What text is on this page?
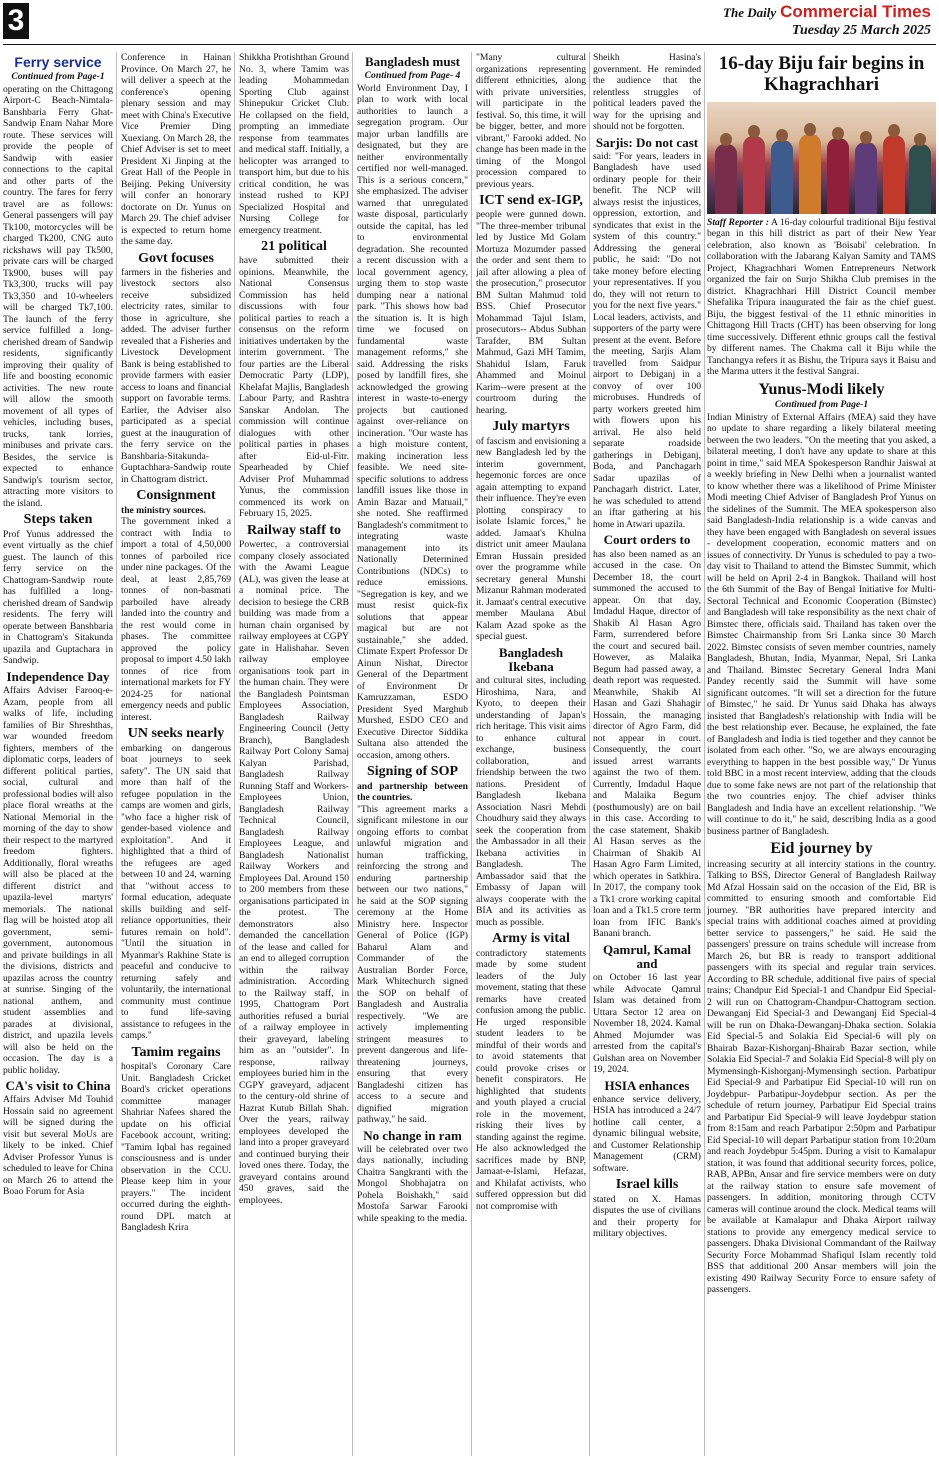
3	The Daily Commercial Times
Tuesday 25 March 2025
Ferry service
Continued from Page-1

operating on the Chittagong Airport-C Beach-Nimtala-Banshbaria Ferry Ghat-Sandwip Enam Nahar More route. These services will provide the people of Sandwip with easier connections to the capital and other parts of the country. The fares for ferry travel are as follows: General passengers will pay Tk100, motorcycles will be charged Tk200, CNG auto rickshaws will pay Tk500, private cars will be charged Tk900, buses will pay Tk3,300, trucks will pay Tk3,350 and 10-wheelers will be charged Tk7,100. The launch of the ferry service fulfilled a long-cherished dream of Sandwip residents, significantly improving their quality of life and boosting economic activities. The new route will allow the smooth movement of all types of vehicles, including buses, trucks, tank lorries, minibuses and private cars. Besides, the service is expected to enhance Sandwip's tourism sector, attracting more visitors to the island.

Steps taken

Prof Yunus addressed the event virtually as the chief guest. The launch of this ferry service on the Chattogram-Sandwip route has fulfilled a long-cherished dream of Sandwip residents. The ferry will operate between Banshbaria in Chattogram's Sitakunda upazila and Guptachara in Sandwip.

Independence Day

Affairs Adviser Farooq-e-Azam, people from all walks of life, including families of Bir Shreshthas, war wounded freedom fighters, members of the diplomatic corps, leaders of different political parties, social, cultural and professional bodies will also place floral wreaths at the National Memorial in the morning of the day to show their respect to the martyred freedom fighters. Additionally, floral wreaths will also be placed at the different district and upazila-level martyrs' memorials. The national flag will be hoisted atop all government, semi-government, autonomous and private buildings in all the divisions, districts and upazilas across the country at sunrise. Singing of the national anthem, and student assemblies and parades at divisional, district, and upazila levels will also be held on the occasion. The day is a public holiday.

CA's visit to China

Affairs Adviser Md Touhid Hossain said no agreement will be signed during the visit but several MoUs are likely to be inked. Chief Adviser Professor Yunus is scheduled to leave for China on March 26 to attend the Boao Forum for Asia

Conference in Hainan Province. On March 27, he will deliver a speech at the conference's opening plenary session and may meet with China's Executive Vice Premier Ding Xuexiang. On March 28, the Chief Adviser is set to meet President Xi Jinping at the Great Hall of the People in Beijing. Peking University will confer an honorary doctorate on Dr. Yunus on March 29. The chief adviser is expected to return home the same day.

Govt focuses

farmers in the fisheries and livestock sectors also receive subsidized electricity rates, similar to those in agriculture, she added. The adviser further revealed that a Fisheries and Livestock Development Bank is being established to provide farmers with easier access to loans and financial support on favorable terms. Earlier, the Adviser also participated as a special guest at the inauguration of the ferry service on the Banshbaria-Sitakunda-Guptachhara-Sandwip route in Chattogram district.

Consignment

the ministry sources.

The government inked a contract with India to import a total of 4,50,000 tonnes of parboiled rice under nine packages. Of the deal, at least 2,85,769 tonnes of non-basmati parboiled have already landed into the country and the rest would come in phases. The committee approved the policy proposal to import 4.50 lakh tonnes of rice from international markets for FY 2024-25 for national emergency needs and public interest.

UN seeks nearly

embarking on dangerous boat journeys to seek safety". The UN said that more than half of the refugee population in the camps are women and girls, "who face a higher risk of gender-based violence and exploitation". And it highlighted that a third of the refugees are aged between 10 and 24, warning that "without access to formal education, adequate skills building and self-reliance opportunities, their futures remain on hold". "Until the situation in Myanmar's Rakhine State is peaceful and conducive to returning safely and voluntarily, the international community must continue to fund life-saving assistance to refugees in the camps."

Tamim regains

hospital's Coronary Care Unit. Bangladesh Cricket Board's cricket operations committee manager Shahriar Nafees shared the update on his official Facebook account, writing: "Tamim Iqbal has regained consciousness and is under observation in the CCU. Please keep him in your prayers." The incident occurred during the eighth-round DPL match at Bangladesh Krira

Shikkha Protishthan Ground No. 3, where Tamim was leading Mohammedan Sporting Club against Shinepukur Cricket Club. He collapsed on the field, prompting an immediate response from teammates and medical staff. Initially, a helicopter was arranged to transport him, but due to his critical condition, he was instead rushed to KPJ Specialized Hospital and Nursing College for emergency treatment.

21 political

have submitted their opinions. Meanwhile, the National Consensus Commission has held discussions with four political parties to reach a consensus on the reform initiatives undertaken by the interim government. The four parties are the Liberal Democratic Party (LDP), Khelafat Majlis, Bangladesh Labour Party, and Rashtra Sanskar Andolan. The commission will continue dialogues with other political parties in phases after Eid-ul-Fitr. Spearheaded by Chief Adviser Prof Muhammad Yunus, the commission commenced its work on February 15, 2025.

Railway staff to

Powertec, a controversial company closely associated with the Awami League (AL), was given the lease at a nominal price. The decision to besiege the CRB building was made from a human chain organised by railway employees at CGPY gate in Halishahar. Seven railway employee organisations took part in the human chain. They were the Bangladesh Pointsman Employees Association, Bangladesh Railway Engineering Council (Jetty Branch), Bangladesh Railway Port Colony Samaj Kalyan Parishad, Bangladesh Railway Running Staff and Workers-Employees Union, Bangladesh Railway Technical Council, Bangladesh Railway Employees League, and Bangladesh Nationalist Railway Workers and Employees Dal. Around 150 to 200 members from these organisations participated in the protest. The demonstrators also demanded the cancellation of the lease and called for an end to alleged corruption within the railway administration. According to the Railway staff, in 1995, Chattogram Port authorities refused a burial of a railway employee in their graveyard, labeling him as an "outsider". In response, railway employees buried him in the CGPY graveyard, adjacent to the century-old shrine of Hazrat Kutub Billah Shah. Over the years, railway employees developed the land into a proper graveyard and continued burying their loved ones there. Today, the graveyard contains around 450 graves, said the employees.

Bangladesh must
Continued from Page- 4

World Environment Day, I plan to work with local authorities to launch a segregation program. Our major urban landfills are designated, but they are neither environmentally certified nor well-managed. This is a serious concern," she emphasized. The adviser warned that unregulated waste disposal, particularly outside the capital, has led to environmental degradation. She recounted a recent discussion with a local government agency, urging them to stop waste dumping near a national park. "This shows how bad the situation is. It is high time we focused on fundamental waste management reforms," she said. Addressing the risks posed by landfill fires, she acknowledged the growing interest in waste-to-energy projects but cautioned against over-reliance on incineration. "Our waste has a high moisture content, making incineration less feasible. We need site-specific solutions to address landfill issues like those in Amin Bazar and Matuail," she noted. She reaffirmed Bangladesh's commitment to integrating waste management into its Nationally Determined Contributions (NDCs) to reduce emissions. "Segregation is key, and we must resist quick-fix solutions that appear magical but are not sustainable," she added. Climate Expert Professor Dr Ainun Nishat, Director General of the Department of Environment Dr Kamruzzaman, ESDO President Syed Marghub Murshed, ESDO CEO and Executive Director Siddika Sultana also attended the occasion, among others.

Signing of SOP

and partnership between the countries.

"This agreement marks a significant milestone in our ongoing efforts to combat unlawful migration and human trafficking, reinforcing the strong and enduring partnership between our two nations," he said at the SOP signing ceremony at the Home Ministry here. Inspector General of Police (IGP) Baharul Alam and Commander of the Australian Border Force, Mark Whitechurch signed the SOP on behalf of Bangladesh and Australia respectively. "We are actively implementing stringent measures to prevent dangerous and life-threatening journeys, ensuring that every Bangladeshi citizen has access to a secure and dignified migration pathway," he said.

No change in ram

will be celebrated over two days nationally, including Chaitra Sangkranti with the Mongol Shobhajatra on Pohela Boishakh," said Mostofa Sarwar Farooki while speaking to the media.

"Many cultural organizations representing different ethnicities, along with private universities, will participate in the festival. So, this time, it will be bigger, better, and more vibrant," Farooki added. No change has been made in the timing of the Mongol procession compared to previous years.

ICT send ex-IGP,

people were gunned down. "The three-member tribunal led by Justice Md Golam Mortuza Mozumder passed the order and sent them to jail after allowing a plea of the prosecution," prosecutor BM Sultan Mahmud told BSS. Chief Prosecutor Mohammad Tajul Islam, prosecutors-- Abdus Subhan Tarafder, BM Sultan Mahmud, Gazi MH Tamim, Shahidul Islam, Faruk Ahammed and Moinul Karim--were present at the courtroom during the hearing.

July martyrs

of fascism and envisioning a new Bangladesh led by the interim government, hegemonic forces are once again attempting to expand their influence. They're even plotting conspiracy to isolate Islamic forces," he added. Jamaat's Khulna district unit ameer Maulana Emran Hussain presided over the programme while secretary general Munshi Mizanur Rahman moderated it. Jamaat's central executive member Maulana Abul Kalam Azad spoke as the special guest.

Bangladesh Ikebana

and cultural sites, including Hiroshima, Nara, and Kyoto, to deepen their understanding of Japan's rich heritage. This visit aims to enhance cultural exchange, business collaboration, and friendship between the two nations. President of Bangladesh Ikebana Association Nasri Mehdi Choudhury said they always seek the cooperation from the Ambassador in all their Ikebana activities in Bangladesh. The Ambassador said that the Embassy of Japan will always cooperate with the BIA and its activities as much as possible.

Army is vital

contradictory statements made by some student leaders of the July movement, stating that these remarks have created confusion among the public. He urged responsible student leaders to be mindful of their words and to avoid statements that could provoke crises or benefit conspirators. He highlighted that students and youth played a crucial role in the movement, risking their lives by standing against the regime. He also acknowledged the sacrifices made by BNP, Jamaat-e-Islami, Hefazat, and Khilafat activists, who suffered oppression but did not compromise with

Sheikh Hasina's government. He reminded the audience that the relentless struggles of political leaders paved the way for the uprising and should not be forgotten.

Sarjis: Do not cast

said: "For years, leaders in Bangladesh have used ordinary people for their benefit. The NCP will always resist the injustices, oppression, extortion, and syndicates that exist in the system of this country." Addressing the general public, he said: "Do not take money before electing your representatives. If you do, they will not return to you for the next five years." Local leaders, activists, and supporters of the party were present at the event. Before the meeting, Sarjis Alam travelled from Saidpur airport to Debiganj in a convoy of over 100 microbuses. Hundreds of party workers greeted him with flowers upon his arrival. He also held separate roadside gatherings in Debiganj, Boda, and Panchagarh Sadar upazilas of Panchagarh district. Later, he was scheduled to attend an iftar gathering at his home in Atwari upazila.

Court orders to

has also been named as an accused in the case. On December 18, the court summoned the accused to appear. On that day, Imdadul Haque, director of Shakib Al Hasan Agro Farm, surrendered before the court and secured bail. However, as Malaika Begum had passed away, a death report was requested. Meanwhile, Shakib Al Hasan and Gazi Shahagir Hossain, the managing director of Agro Farm, did not appear in court. Consequently, the court issued arrest warrants against the two of them. Currently, Imdadul Haque and Malaika Begum (posthumously) are on bail in this case. According to the case statement, Shakib Al Hasan serves as the Chairman of Shakib Al Hasan Agro Farm Limited, which operates in Satkhira. In 2017, the company took a Tk1 crore working capital loan and a Tk1.5 crore term loan from IFIC Bank's Banani branch.

Qamrul, Kamal and

on October 16 last year while Advocate Qamrul Islam was detained from Uttara Sector 12 area on November 18, 2024. Kamal Ahmed Mojumder was arrested from the capital's Gulshan area on November 19, 2024.

HSIA enhances

enhance service delivery, HSIA has introduced a 24/7 hotline call center, a dynamic bilingual website, and Customer Relationship Management (CRM) software.

Israel kills

stated on X. Hamas disputes the use of civilians and their property for military objectives.

16-day Biju fair begins in Khagrachhari

Staff Reporter : A 16-day colourful traditional Biju festival began in this hill district as part of their New Year celebration, also known as 'Boisabi' celebration. In collaboration with the Jabarang Kalyan Samity and TAMS Project, Khagrachhari Women Entrepreneurs Network organized the fair on Surjo Shikha Club premises in the district. Khagrachhari Hill District Council member Shefalika Tripura inaugurated the fair as the chief guest. Biju, the biggest festival of the 11 ethnic minorities in Chittagong Hill Tracts (CHT) has been observing for long time successively. Different ethnic groups call the festival by different names. The Chakma call it Biju while the Tanchangya refers it as Bishu, the Tripura says it Baisu and the Marma utters it the festival Sangrai.

Yunus-Modi likely
Continued from Page-1

Indian Ministry of External Affairs (MEA) said they have no update to share regarding a likely bilateral meeting between the two leaders. "On the meeting that you asked, a bilateral meeting, I don't have any update to share at this point in time," said MEA Spokesperson Randhir Jaiswal at a weekly briefing in New Delhi when a journalist wanted to know whether there was a likelihood of Prime Minister Modi meeting Chief Adviser of Bangladesh Prof Yunus on the sidelines of the Summit. The MEA spokesperson also said Bangladesh-India relationship is a wide canvas and they have been engaged with Bangladesh on several issues - development cooperation, economic matters and on issues of connectivity. Dr Yunus is scheduled to pay a two-day visit to Thailand to attend the Bimstec Summit, which will be held on April 2-4 in Bangkok. Thailand will host the 6th Summit of the Bay of Bengal Initiative for Multi-Sectoral Technical and Economic Cooperation (Bimstec) and Bangladesh will take responsibility as the next chair of Bimstec there, officials said. Thailand has taken over the Bimstec Chairmanship from Sri Lanka since 30 March 2022. Bimstec consists of seven member countries, namely Bangladesh, Bhutan, India, Myanmar, Nepal, Sri Lanka and Thailand. Bimstec Secretary General Indra Mani Pandey recently said the Summit will have some significant outcomes. "It will set a direction for the future of Bimstec," he said. Dr Yunus said Dhaka has always insisted that Bangladesh's relationship with India will be the best relationship ever. Because, he explained, the fate of Bangladesh and India is tied together and they cannot be isolated from each other. "So, we are always encouraging everything to happen in the best possible way," Dr Yunus told BBC in a most recent interview, adding that the clouds due to some fake news are not part of the relationship that the two countries enjoy. The chief adviser thinks Bangladesh and India have an excellent relationship. "We will continue to do it," he said, describing India as a good business partner of Bangladesh.

Eid journey by

increasing security at all intercity stations in the country. Talking to BSS, Director General of Bangladesh Railway Md Afzal Hossain said on the occasion of the Eid, BR is committed to ensuring smooth and comfortable Eid journey. "BR authorities have prepared intercity and special trains with additional coaches aimed at providing better service to passengers," he said. He said the passengers' pressure on trains schedule will increase from March 26, but BR is ready to transport additional passengers with its special and regular train services. According to BR schedule, additional five pairs of special trains; Chandpur Eid Special-1 and Chandpur Eid Special-2 will run on Chattogram-Chandpur-Chattogram section. Dewanganj Eid Special-3 and Dewanganj Eid Special-4 will be run on Dhaka-Dewanganj-Dhaka section. Solakia Eid Special-5 and Solakia Eid Special-6 will ply on Bhairab Bazar-Kishorganj-Bhairab Bazar section, while Solakia Eid Special-7 and Solakia Eid Special-8 will ply on Mymensingh-Kishorganj-Mymensingh section. Parbatipur Eid Special-9 and Parbatipur Eid Special-10 will run on Joydebpur- Parbatipur-Joydebpur section. As per the schedule of return journey, Parbatipur Eid Special trains and Parbatipur Eid Special-9 will leave Joydebpur station from 8:15am and reach Parbatipur 2:50pm and Parbatipur Eid Special-10 will depart Parbatipur station from 10:20am and reach Joydebpur 5:45pm. During a visit to Kamalapur station, it was found that additional security forces, police, RAB, APBn, Ansar and fire service members were on duty at the railway station to ensure safe movement of passengers. In addition, monitoring through CCTV cameras will continue around the clock. Medical teams will be available at Kamalapur and Dhaka Airport railway stations to provide any emergency medical service to passengers. Dhaka Divisional Commandant of the Railway Security Force Mohammad Shafiqul Islam recently told BSS that additional 200 Ansar members will join the existing 490 Railway Security Force to ensure safety of passengers.
